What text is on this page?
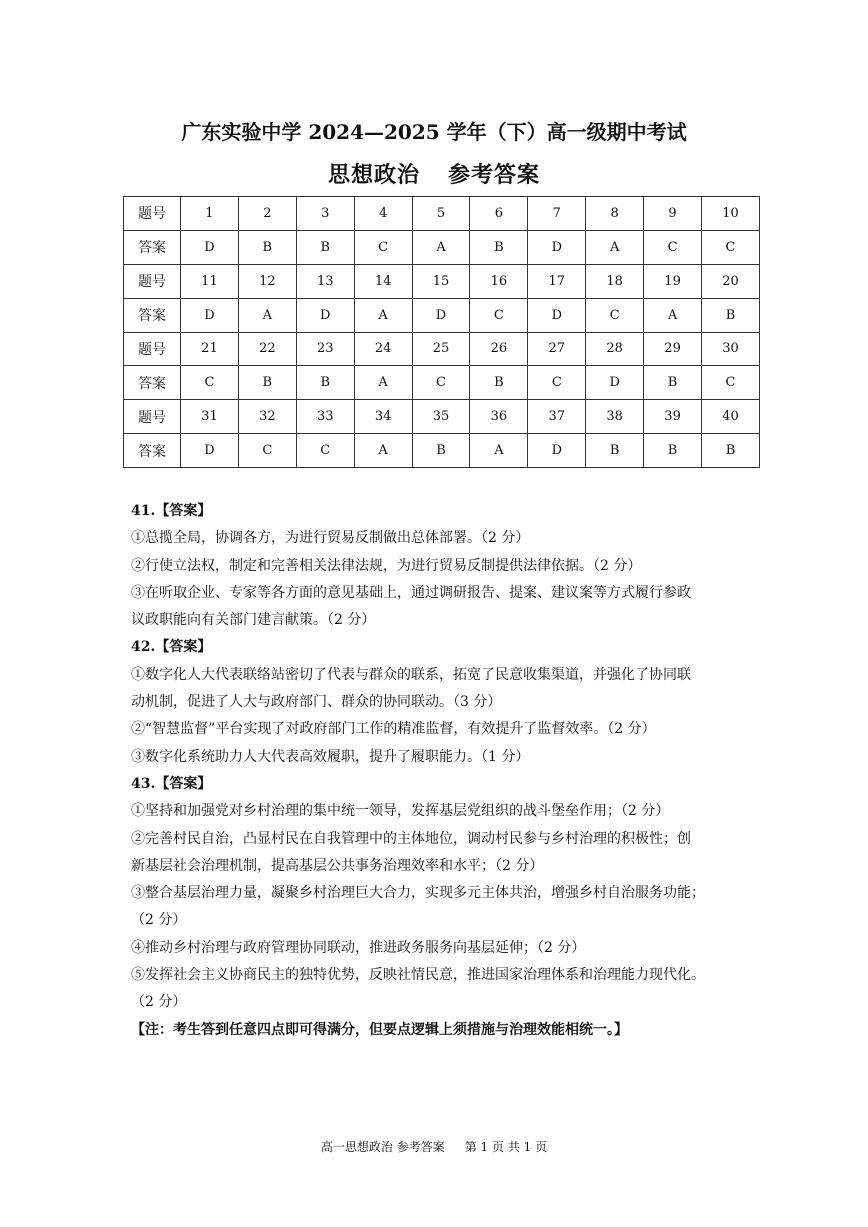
广东实验中学 2024—2025 学年（下）高一级期中考试
思想政治 参考答案
题号	1	2	3	4	5	6	7	8	9	10
答案	D	B	B	C	A	B	D	A	C	C
题号	11	12	13	14	15	16	17	18	19	20
答案	D	A	D	A	D	C	D	C	A	B
题号	21	22	23	24	25	26	27	28	29	30
答案	C	B	B	A	C	B	C	D	B	C
题号	31	32	33	34	35	36	37	38	39	40
答案	D	C	C	A	B	A	D	B	B	B

41.【答案】

①总揽全局，协调各方，为进行贸易反制做出总体部署。（2 分）

②行使立法权，制定和完善相关法律法规，为进行贸易反制提供法律依据。（2 分）

③在听取企业、专家等各方面的意见基础上，通过调研报告、提案、建议案等方式履行参政

议政职能向有关部门建言献策。（2 分）

42.【答案】

①数字化人大代表联络站密切了代表与群众的联系，拓宽了民意收集渠道，并强化了协同联

动机制，促进了人大与政府部门、群众的协同联动。（3 分）

②“智慧监督”平台实现了对政府部门工作的精准监督，有效提升了监督效率。（2 分）

③数字化系统助力人大代表高效履职，提升了履职能力。（1 分）

43.【答案】

①坚持和加强党对乡村治理的集中统一领导，发挥基层党组织的战斗堡垒作用；（2 分）

②完善村民自治，凸显村民在自我管理中的主体地位，调动村民参与乡村治理的积极性；创

新基层社会治理机制，提高基层公共事务治理效率和水平；（2 分）

③整合基层治理力量，凝聚乡村治理巨大合力，实现多元主体共治，增强乡村自治服务功能；

（2 分）

④推动乡村治理与政府管理协同联动，推进政务服务向基层延伸；（2 分）

⑤发挥社会主义协商民主的独特优势，反映社情民意，推进国家治理体系和治理能力现代化。

（2 分）

【注：考生答到任意四点即可得满分，但要点逻辑上须措施与治理效能相统一。】

高一思想政治 参考答案 第 1 页 共 1 页
